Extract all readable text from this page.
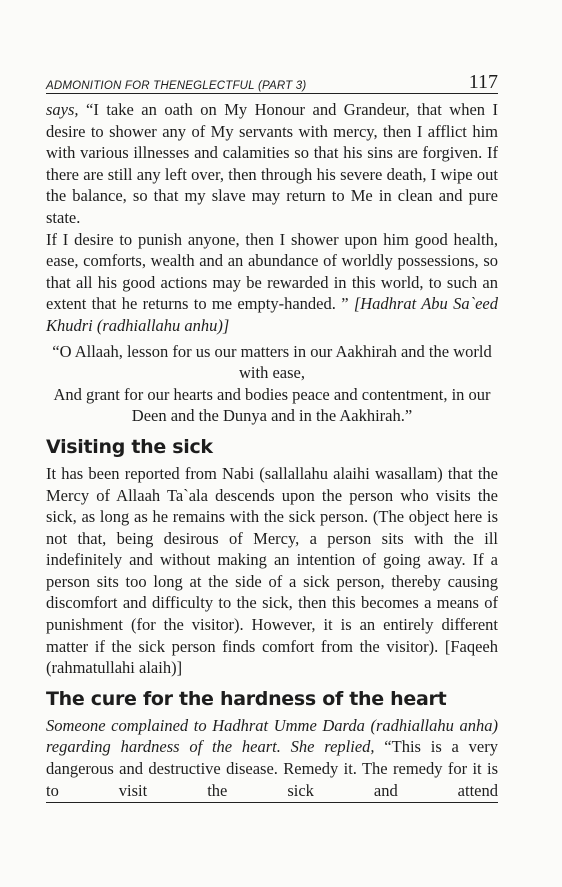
ADMONITION FOR THENEGLECTFUL (PART 3)	117

says, “I take an oath on My Honour and Grandeur, that when I desire to shower any of My servants with mercy, then I afflict him with various illnesses and calamities so that his sins are forgiven. If there are still any left over, then through his severe death, I wipe out the balance, so that my slave may return to Me in clean and pure state.

If I desire to punish anyone, then I shower upon him good health, ease, comforts, wealth and an abundance of worldly possessions, so that all his good actions may be rewarded in this world, to such an extent that he returns to me empty-handed. ” [Hadhrat Abu Sa`eed Khudri (radhiallahu anhu)]

“O Allaah, lesson for us our matters in our Aakhirah and the world with ease,
And grant for our hearts and bodies peace and contentment, in our Deen and the Dunya and in the Aakhirah.”
Visiting the sick

It has been reported from Nabi (sallallahu alaihi wasallam) that the Mercy of Allaah Ta`ala descends upon the person who visits the sick, as long as he remains with the sick person. (The object here is not that, being desirous of Mercy, a person sits with the ill indefinitely and without making an intention of going away. If a person sits too long at the side of a sick person, thereby causing discomfort and difficulty to the sick, then this becomes a means of punishment (for the visitor). However, it is an entirely different matter if the sick person finds comfort from the visitor). [Faqeeh (rahmatullahi alaih)]

The cure for the hardness of the heart

Someone complained to Hadhrat Umme Darda (radhiallahu anha) regarding hardness of the heart. She replied, “This is a very dangerous and destructive disease. Remedy it. The remedy for it is to visit the sick and attend
